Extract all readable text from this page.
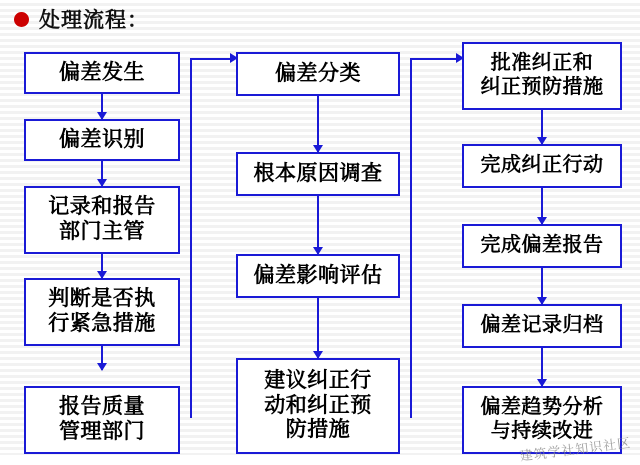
处理流程：
偏差发生
偏差识别
记录和报告
部门主管
判断是否执
行紧急措施
报告质量
管理部门
偏差分类
根本原因调查
偏差影响评估
建议纠正行
动和纠正预
防措施
批准纠正和
纠正预防措施
完成纠正行动
完成偏差报告
偏差记录归档
偏差趋势分析
与持续改进
建筑学社知识社区
